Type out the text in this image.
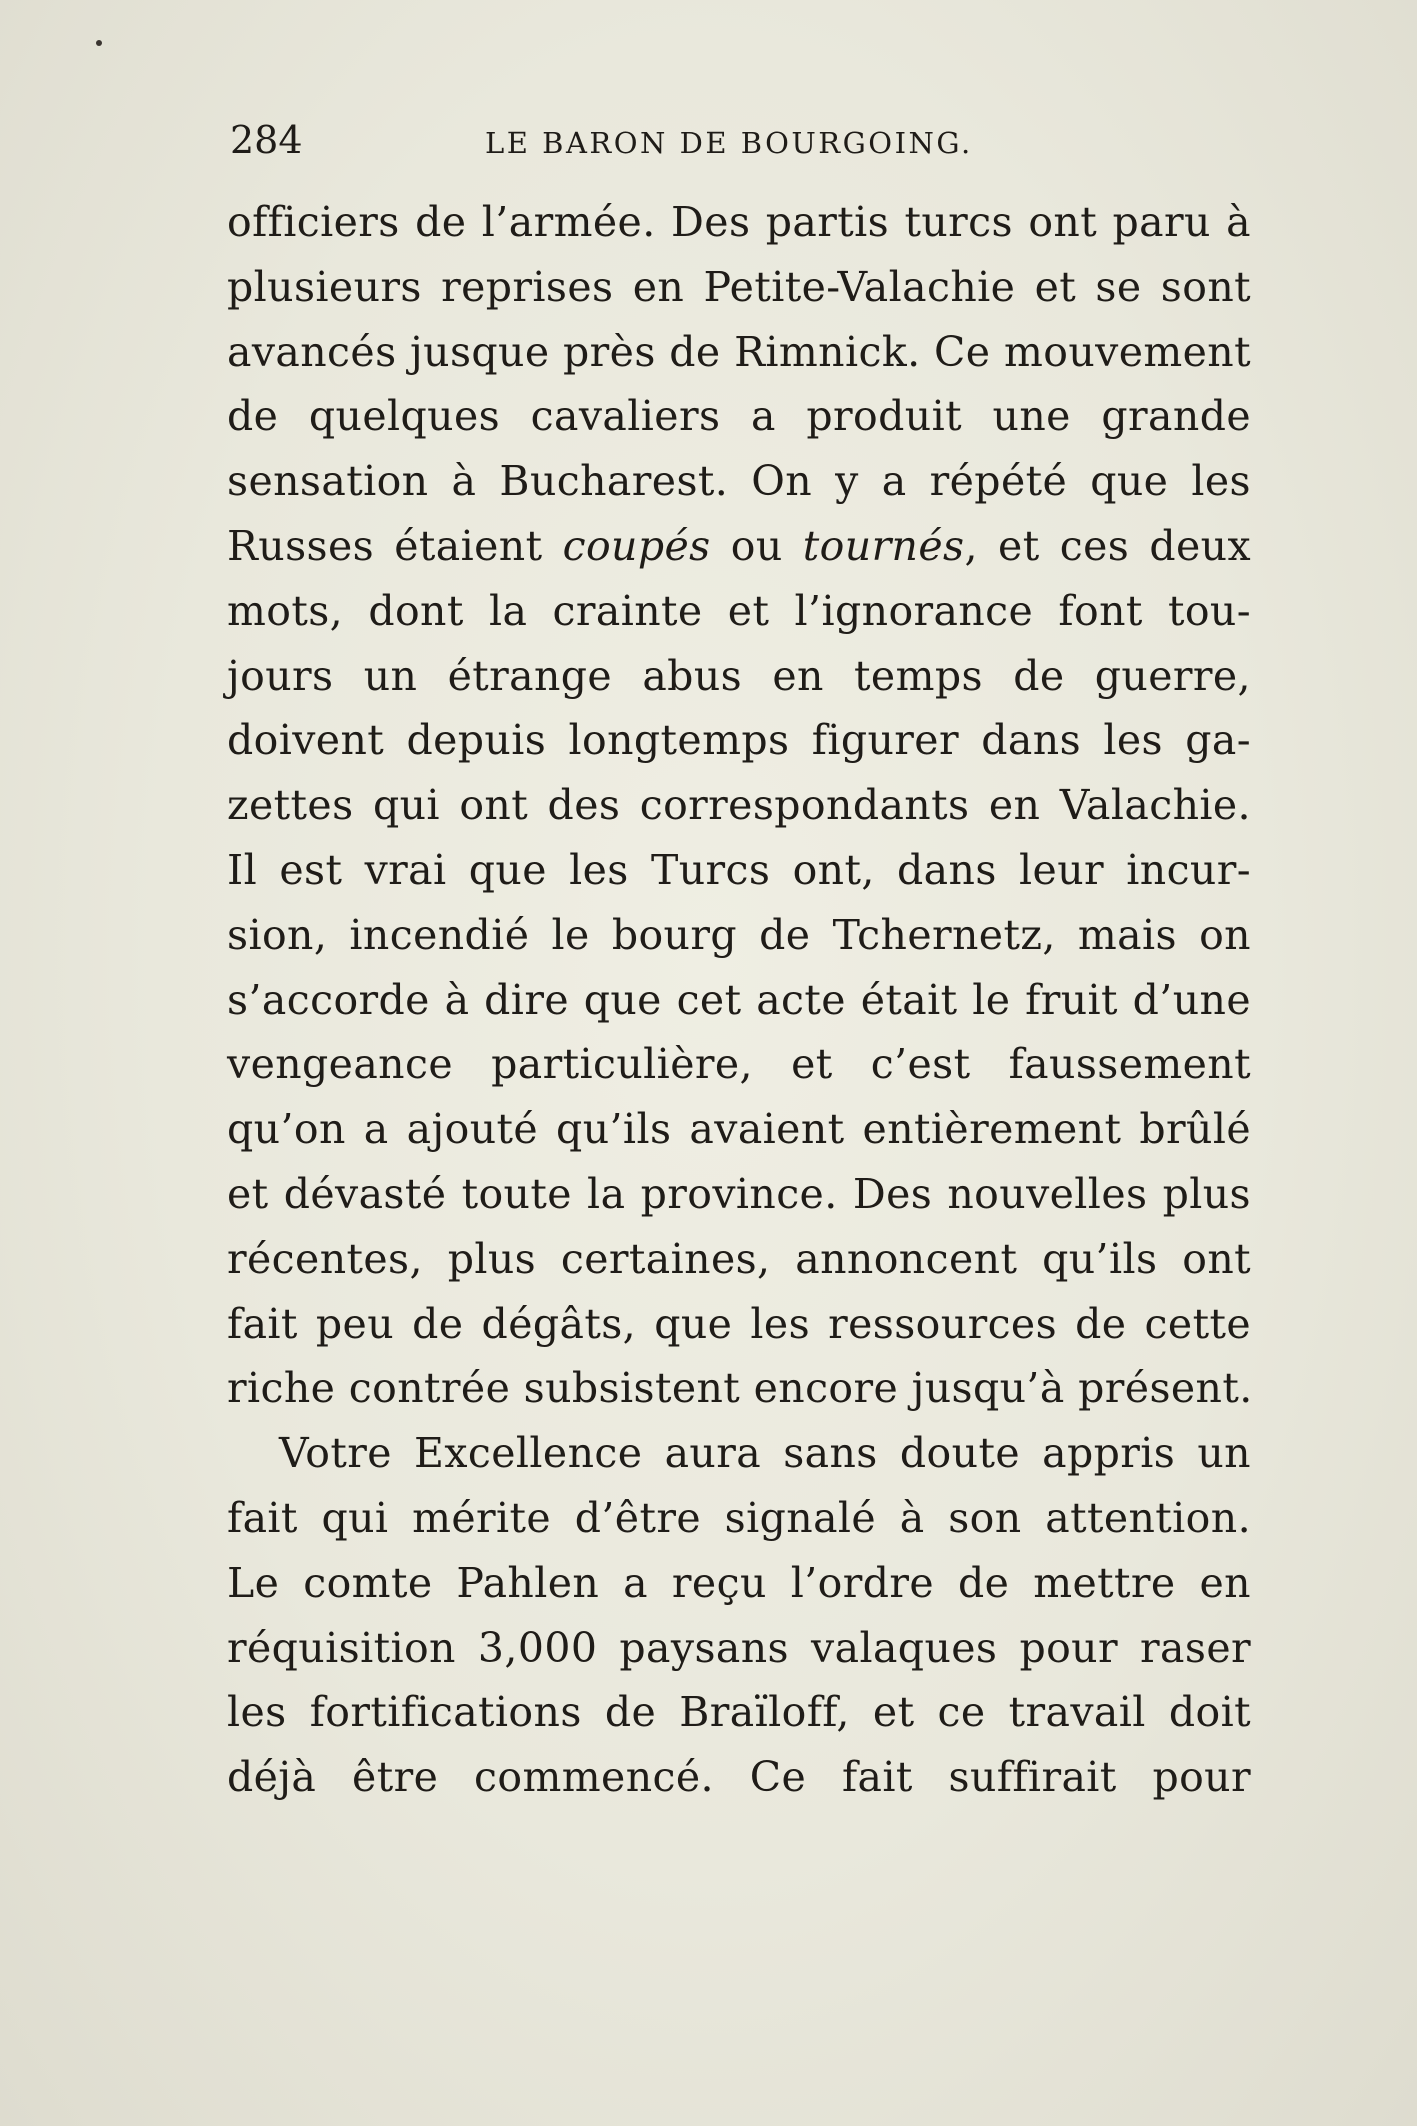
284	LE BARON DE BOURGOING.
officiers de l’armée. Des partis turcs ont paru à
plusieurs reprises en Petite-Valachie et se sont
avancés jusque près de Rimnick. Ce mouvement
de quelques cavaliers a produit une grande
sensation à Bucharest. On y a répété que les
Russes étaient coupés ou tournés, et ces deux
mots, dont la crainte et l’ignorance font tou-
jours un étrange abus en temps de guerre,
doivent depuis longtemps figurer dans les ga-
zettes qui ont des correspondants en Valachie.
Il est vrai que les Turcs ont, dans leur incur-
sion, incendié le bourg de Tchernetz, mais on
s’accorde à dire que cet acte était le fruit d’une
vengeance particulière, et c’est faussement
qu’on a ajouté qu’ils avaient entièrement brûlé
et dévasté toute la province. Des nouvelles plus
récentes, plus certaines, annoncent qu’ils ont
fait peu de dégâts, que les ressources de cette
riche contrée subsistent encore jusqu’à présent.
Votre Excellence aura sans doute appris un
fait qui mérite d’être signalé à son attention.
Le comte Pahlen a reçu l’ordre de mettre en
réquisition 3,000 paysans valaques pour raser
les fortifications de Braïloff, et ce travail doit
déjà être commencé. Ce fait suffirait pour
